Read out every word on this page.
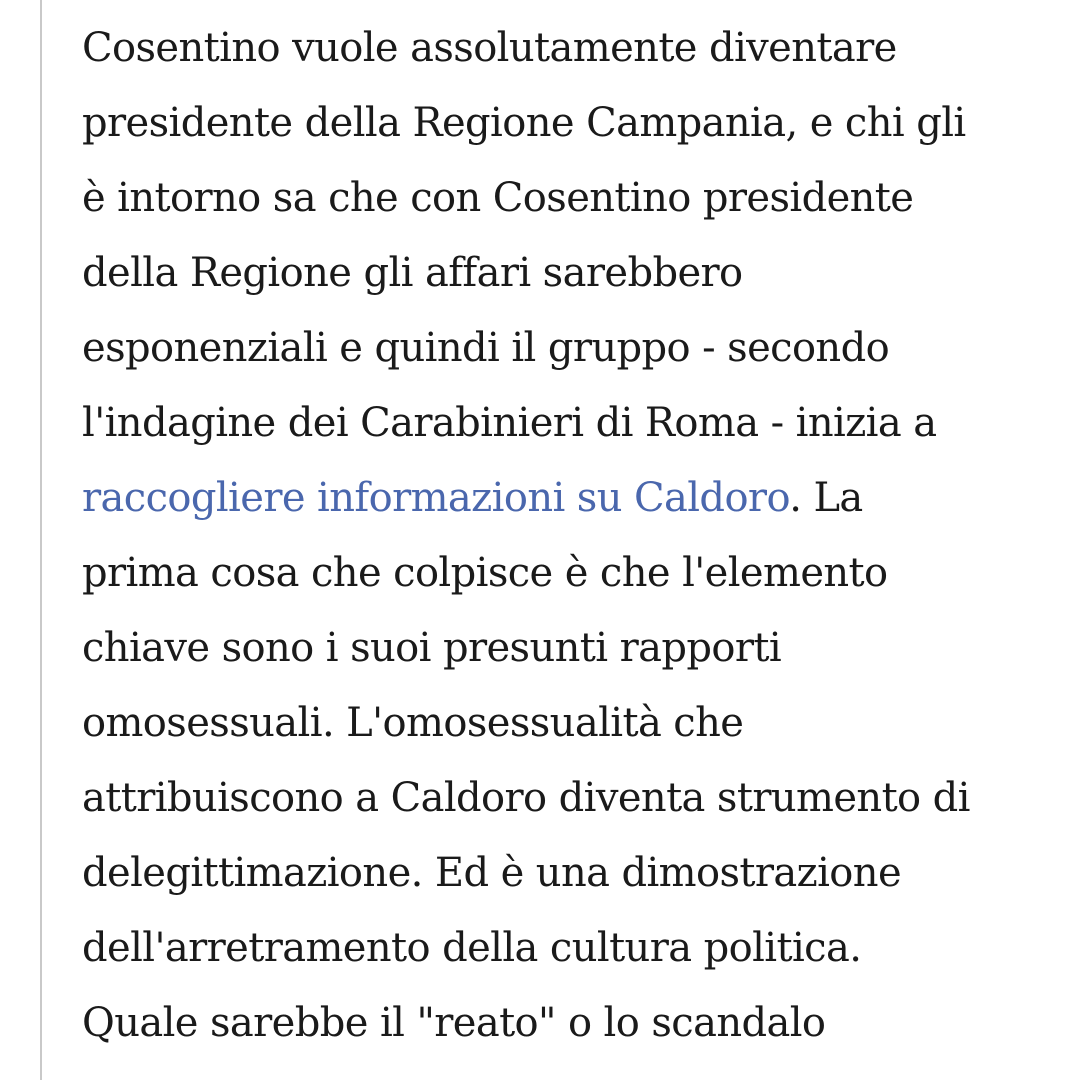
Cosentino vuole assolutamente diventare
presidente della Regione Campania, e chi gli
è intorno sa che con Cosentino presidente
della Regione gli affari sarebbero
esponenziali e quindi il gruppo - secondo
l'indagine dei Carabinieri di Roma - inizia a
raccogliere informazioni su Caldoro. La
prima cosa che colpisce è che l'elemento
chiave sono i suoi presunti rapporti
omosessuali. L'omosessualità che
attribuiscono a Caldoro diventa strumento di
delegittimazione. Ed è una dimostrazione
dell'arretramento della cultura politica.
Quale sarebbe il "reato" o lo scandalo
